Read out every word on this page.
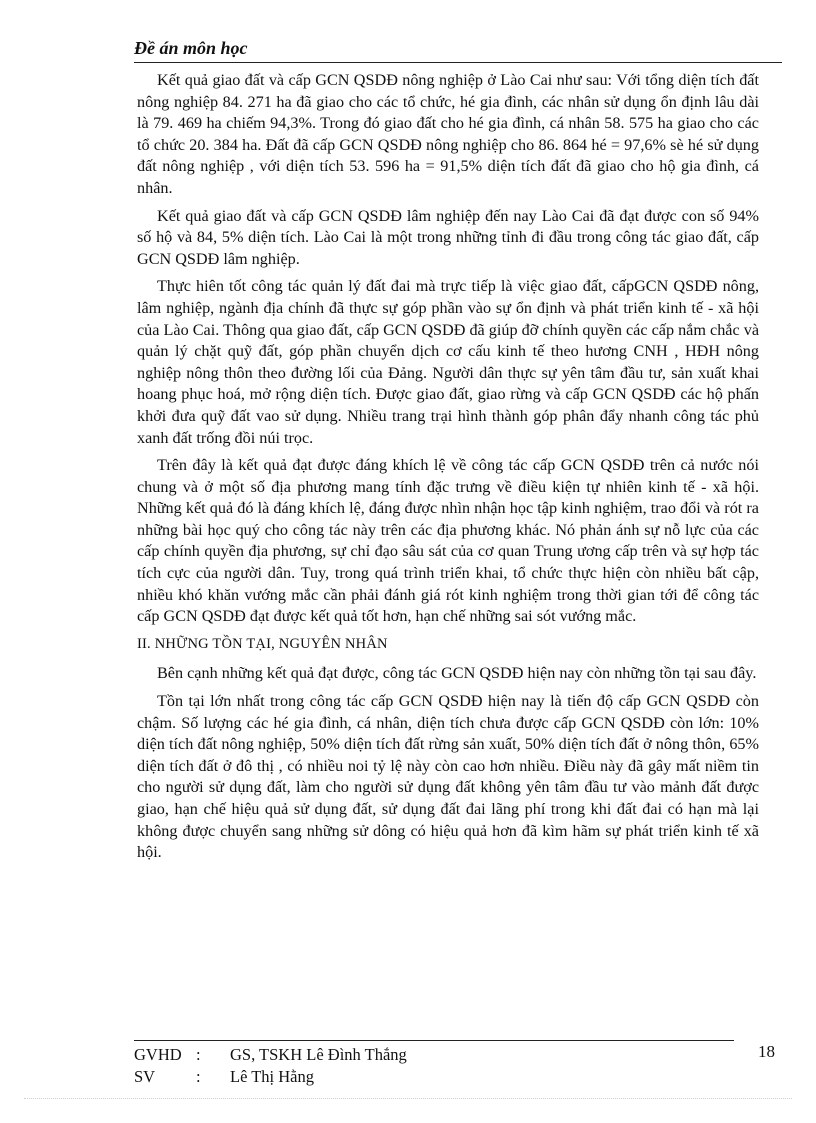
Đề án môn học

Kết quả giao đất và cấp GCN QSDĐ nông nghiệp ở Lào Cai như sau: Với tổng diện tích đất nông nghiệp 84. 271 ha đã giao cho các tổ chức, hé gia đình, các nhân sử dụng ổn định lâu dài là 79. 469 ha chiếm 94,3%. Trong đó giao đất cho hé gia đình, cá nhân 58. 575 ha giao cho các tổ chức 20. 384 ha. Đất đã cấp GCN QSDĐ nông nghiệp cho 86. 864 hé = 97,6% sè hé sử dụng đất nông nghiệp , với diện tích 53. 596 ha = 91,5% diện tích đất đã giao cho hộ gia đình, cá nhân.

Kết quả giao đất và cấp GCN QSDĐ lâm nghiệp đến nay Lào Cai đã đạt được con số 94% số hộ và 84, 5% diện tích. Lào Cai là một trong những tỉnh đi đầu trong công tác giao đất, cấp GCN QSDĐ lâm nghiệp.

Thực hiên tốt công tác quản lý đất đai mà trực tiếp là việc giao đất, cấpGCN QSDĐ nông, lâm nghiệp, ngành địa chính đã thực sự góp phần vào sự ổn định và phát triển kinh tế - xã hội của Lào Cai. Thông qua giao đất, cấp GCN QSDĐ đã giúp đỡ chính quyền các cấp nắm chắc và quản lý chặt quỹ đất, góp phần chuyển dịch cơ cấu kinh tế theo hương CNH , HĐH nông nghiệp nông thôn theo đường lối của Đảng. Người dân thực sự yên tâm đầu tư, sản xuất khai hoang phục hoá, mở rộng diện tích. Được giao đất, giao rừng và cấp GCN QSDĐ các hộ phấn khởi đưa quỹ đất vao sử dụng. Nhiều trang trại hình thành góp phân đẩy nhanh công tác phủ xanh đất trống đồi núi trọc.

Trên đây là kết quả đạt được đáng khích lệ về công tác cấp GCN QSDĐ trên cả nước nói chung và ở một số địa phương mang tính đặc trưng về điều kiện tự nhiên kinh tế - xã hội. Những kết quả đó là đáng khích lệ, đáng được nhìn nhận học tập kinh nghiệm, trao đổi và rót ra những bài học quý cho công tác này trên các địa phương khác. Nó phản ánh sự nỗ lực của các cấp chính quyền địa phương, sự chỉ đạo sâu sát của cơ quan Trung ương cấp trên và sự hợp tác tích cực của người dân. Tuy, trong quá trình triển khai, tổ chức thực hiện còn nhiều bất cập, nhiều khó khăn vướng mắc cần phải đánh giá rót kinh nghiệm trong thời gian tới để công tác cấp GCN QSDĐ đạt được kết quả tốt hơn, hạn chế những sai sót vướng mắc.

II. NHỮNG TỒN TẠI, NGUYÊN NHÂN

Bên cạnh những kết quả đạt được, công tác GCN QSDĐ hiện nay còn những tồn tại sau đây.

Tồn tại lớn nhất trong công tác cấp GCN QSDĐ hiện nay là tiến độ cấp GCN QSDĐ còn chậm. Số lượng các hé gia đình, cá nhân, diện tích chưa được cấp GCN QSDĐ còn lớn: 10% diện tích đất nông nghiệp, 50% diện tích đất rừng sản xuất, 50% diện tích đất ở nông thôn, 65% diện tích đất ở đô thị , có nhiều noi tỷ lệ này còn cao hơn nhiều. Điều này đã gây mất niềm tin cho người sử dụng đất, làm cho người sử dụng đất không yên tâm đầu tư vào mảnh đất được giao, hạn chế hiệu quả sử dụng đất, sử dụng đất đai lãng phí trong khi đất đai có hạn mà lại không được chuyển sang những sử dông có hiệu quả hơn đã kìm hãm sự phát triển kinh tế xã hội.

GVHD : GS, TSKH Lê Đình Thắng
SV : Lê Thị Hằng
18
